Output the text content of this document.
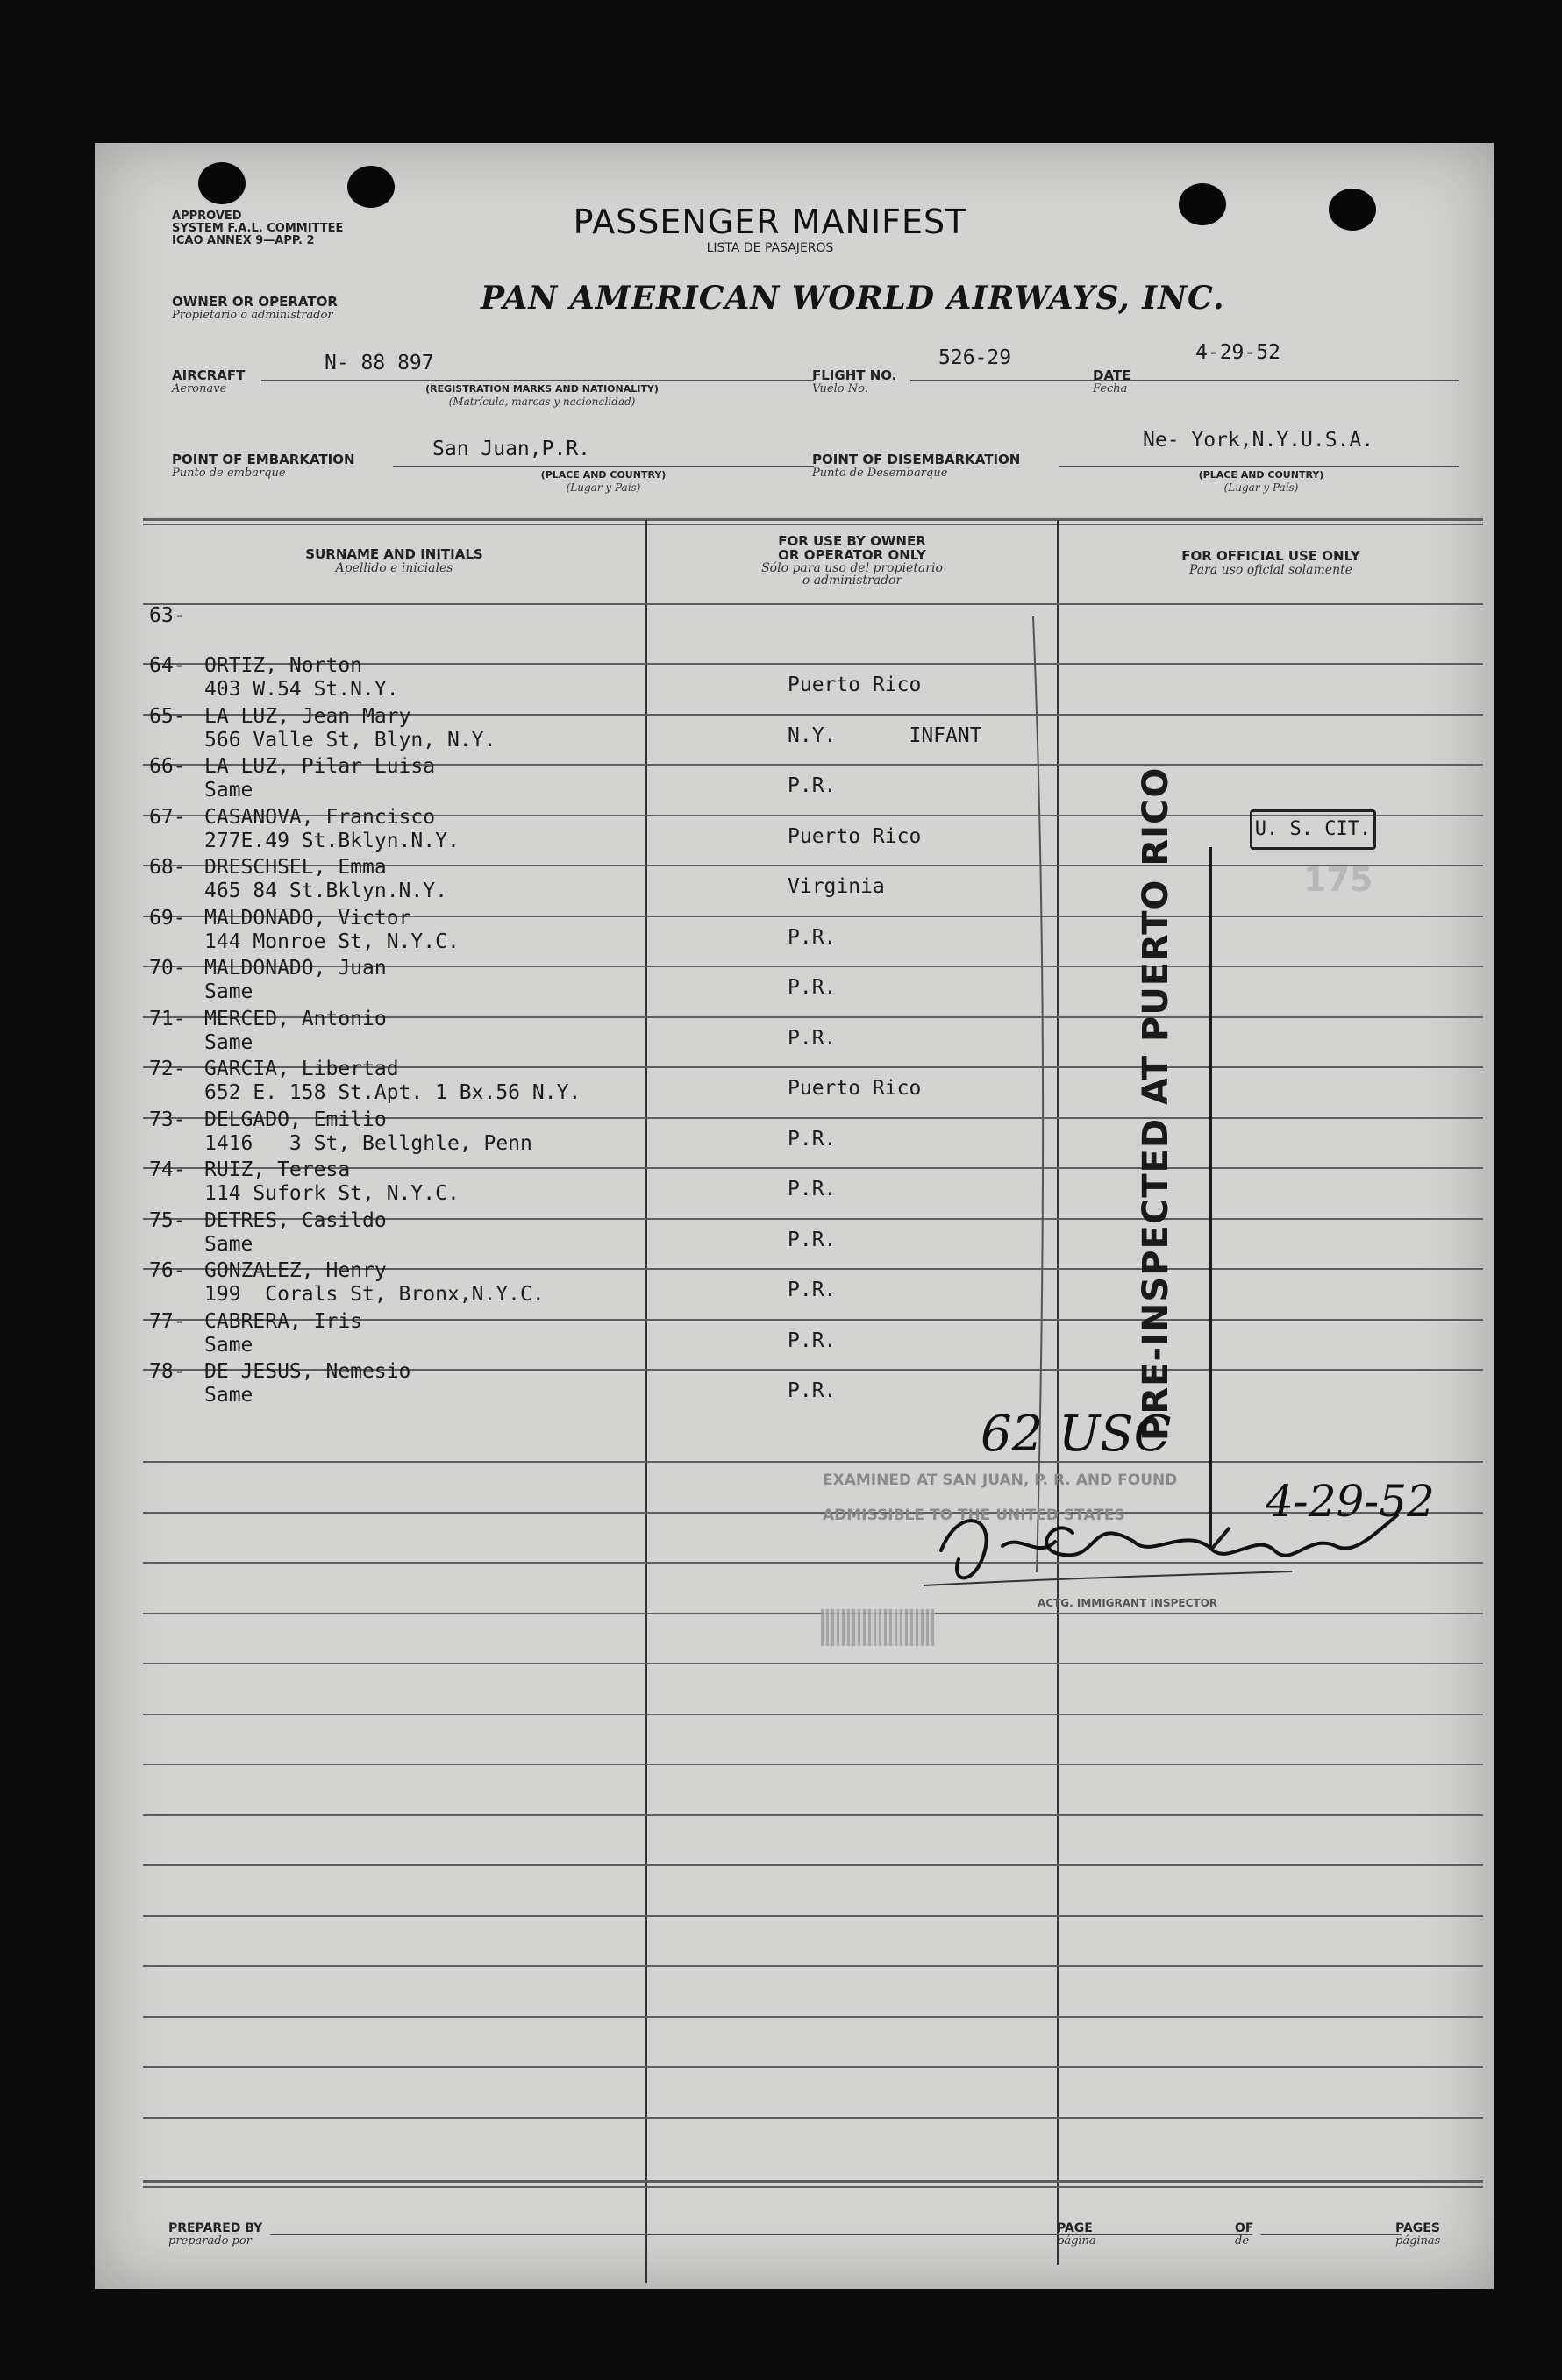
APPROVED
SYSTEM F.A.L. COMMITTEE
ICAO ANNEX 9—APP. 2	PASSENGER MANIFEST
LISTA DE PASAJEROS
OWNER OR OPERATOR
Propietario o administrador	PAN AMERICAN WORLD AIRWAYS, INC.
AIRCRAFT
Aeronave
N- 88 897
(REGISTRATION MARKS AND NATIONALITY)
(Matrícula, marcas y nacionalidad)
FLIGHT NO.
Vuelo No.
526-29
DATE
Fecha
4-29-52
POINT OF EMBARKATION
Punto de embarque
San Juan,P.R.
(PLACE AND COUNTRY)
(Lugar y País)
POINT OF DISEMBARKATION
Punto de Desembarque
Ne- York,N.Y.U.S.A.
(PLACE AND COUNTRY)
(Lugar y País)
SURNAME AND INITIALS
Apellido e iniciales
FOR USE BY OWNER
OR OPERATOR ONLY
Sólo para uso del propietario
o administrador
FOR OFFICIAL USE ONLY
Para uso oficial solamente
U. S. CIT.
175
PRE-INSPECTED AT PUERTO RICO
62 USC
EXAMINED AT SAN JUAN, P. R. AND FOUND
ADMISSIBLE TO THE UNITED STATES	4-29-52
ACTG. IMMIGRANT INSPECTOR
PREPARED BY
preparado por
PAGE
página
OF
de
PAGES
páginas
63-
64- ORTIZ, Norton
403 W.54 St.N.Y.	Puerto Rico
65- LA LUZ, Jean Mary
566 Valle St, Blyn, N.Y.	N.Y.      INFANT
66- LA LUZ, Pilar Luisa
Same	P.R.
67- CASANOVA, Francisco
277E.49 St.Bklyn.N.Y.	Puerto Rico
68- DRESCHSEL, Emma
465 84 St.Bklyn.N.Y.	Virginia
69- MALDONADO, Victor
144 Monroe St, N.Y.C.	P.R.
70- MALDONADO, Juan
Same	P.R.
71- MERCED, Antonio
Same	P.R.
72- GARCIA, Libertad
652 E. 158 St.Apt. 1 Bx.56 N.Y.	Puerto Rico
73- DELGADO, Emilio
1416   3 St, Bellghle, Penn	P.R.
74- RUIZ, Teresa
114 Sufork St, N.Y.C.	P.R.
75- DETRES, Casildo
Same	P.R.
76- GONZALEZ, Henry
199  Corals St, Bronx,N.Y.C.	P.R.
77- CABRERA, Iris
Same	P.R.
78- DE JESUS, Nemesio
Same	P.R.
